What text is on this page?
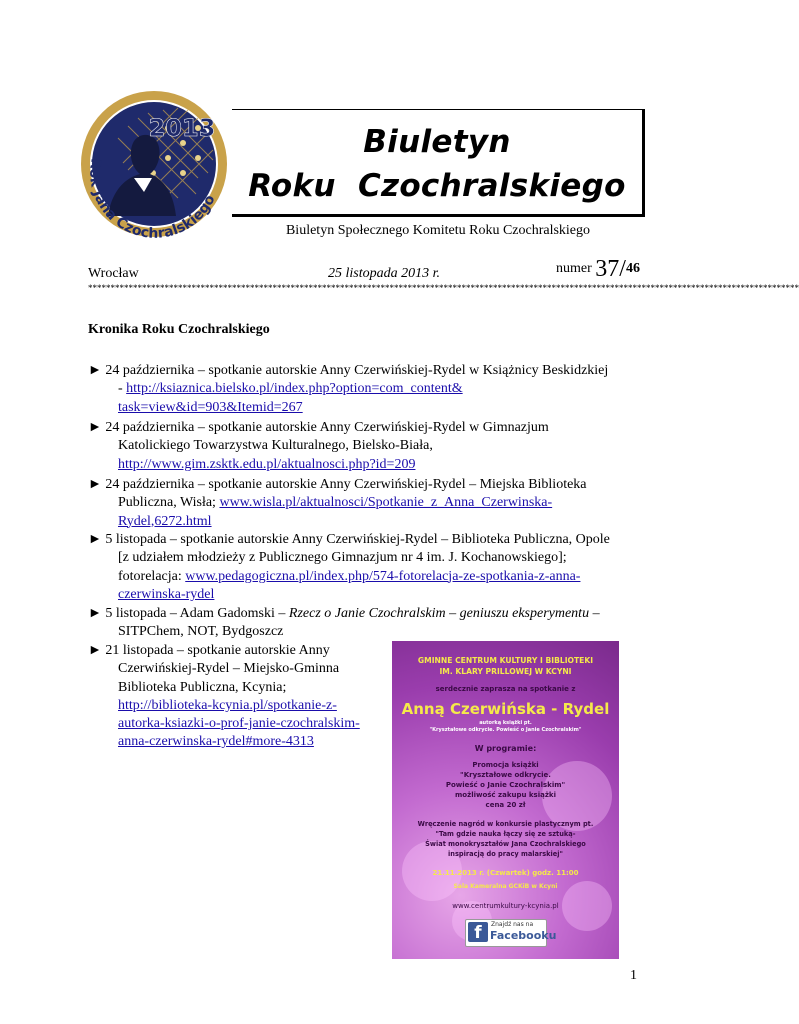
2013
Rok Jana Czochralskiego
Biuletyn
Roku  Czochralskiego
Biuletyn Społecznego Komitetu Roku Czochralskiego
Wrocław	25 listopada 2013 r.	numer 37/46
**************************************************************************************************************************************************************
Kronika Roku Czochralskiego
► 24 października – spotkanie autorskie Anny Czerwińskiej-Rydel w Książnicy Beskidzkiej
- http://ksiaznica.bielsko.pl/index.php?option=com_content&
task=view&id=903&Itemid=267
► 24 października – spotkanie autorskie Anny Czerwińskiej-Rydel w Gimnazjum
Katolickiego Towarzystwa Kulturalnego, Bielsko-Biała,
http://www.gim.zsktk.edu.pl/aktualnosci.php?id=209
► 24 października – spotkanie autorskie Anny Czerwińskiej-Rydel – Miejska Biblioteka
Publiczna, Wisła; www.wisla.pl/aktualnosci/Spotkanie_z_Anna_Czerwinska-
Rydel,6272.html
► 5 listopada – spotkanie autorskie Anny Czerwińskiej-Rydel – Biblioteka Publiczna, Opole
[z udziałem młodzieży z Publicznego Gimnazjum nr 4 im. J. Kochanowskiego];
fotorelacja: www.pedagogiczna.pl/index.php/574-fotorelacja-ze-spotkania-z-anna-
czerwinska-rydel
► 5 listopada – Adam Gadomski – Rzecz o Janie Czochralskim – geniuszu eksperymentu –
SITPChem, NOT, Bydgoszcz
► 21 listopada – spotkanie autorskie Anny
Czerwińskiej-Rydel – Miejsko-Gminna
Biblioteka Publiczna, Kcynia;
http://biblioteka-kcynia.pl/spotkanie-z-
autorka-ksiazki-o-prof-janie-czochralskim-
anna-czerwinska-rydel#more-4313
GMINNE CENTRUM KULTURY I BIBLIOTEKI
IM. KLARY PRILLOWEJ W KCYNI
serdecznie zaprasza na spotkanie z
Anną Czerwińska - Rydel
autorką książki pt.
"Kryształowe odkrycie. Powieść o Janie Czochralskim"
W programie:
Promocja książki
"Kryształowe odkrycie.
Powieść o Janie Czochralskim"
możliwość zakupu książki
cena 20 zł
Wręczenie nagród w konkursie plastycznym pt.
"Tam gdzie nauka łączy się ze sztuką-
Świat monokryształów Jana Czochralskiego
inspiracją do pracy malarskiej"
21.11.2013 r. (Czwartek) godz. 11:00
Sala Kameralna GCKiB w Kcyni
www.centrumkultury-kcynia.pl
f	Znajdź nas na
Facebooku
1
